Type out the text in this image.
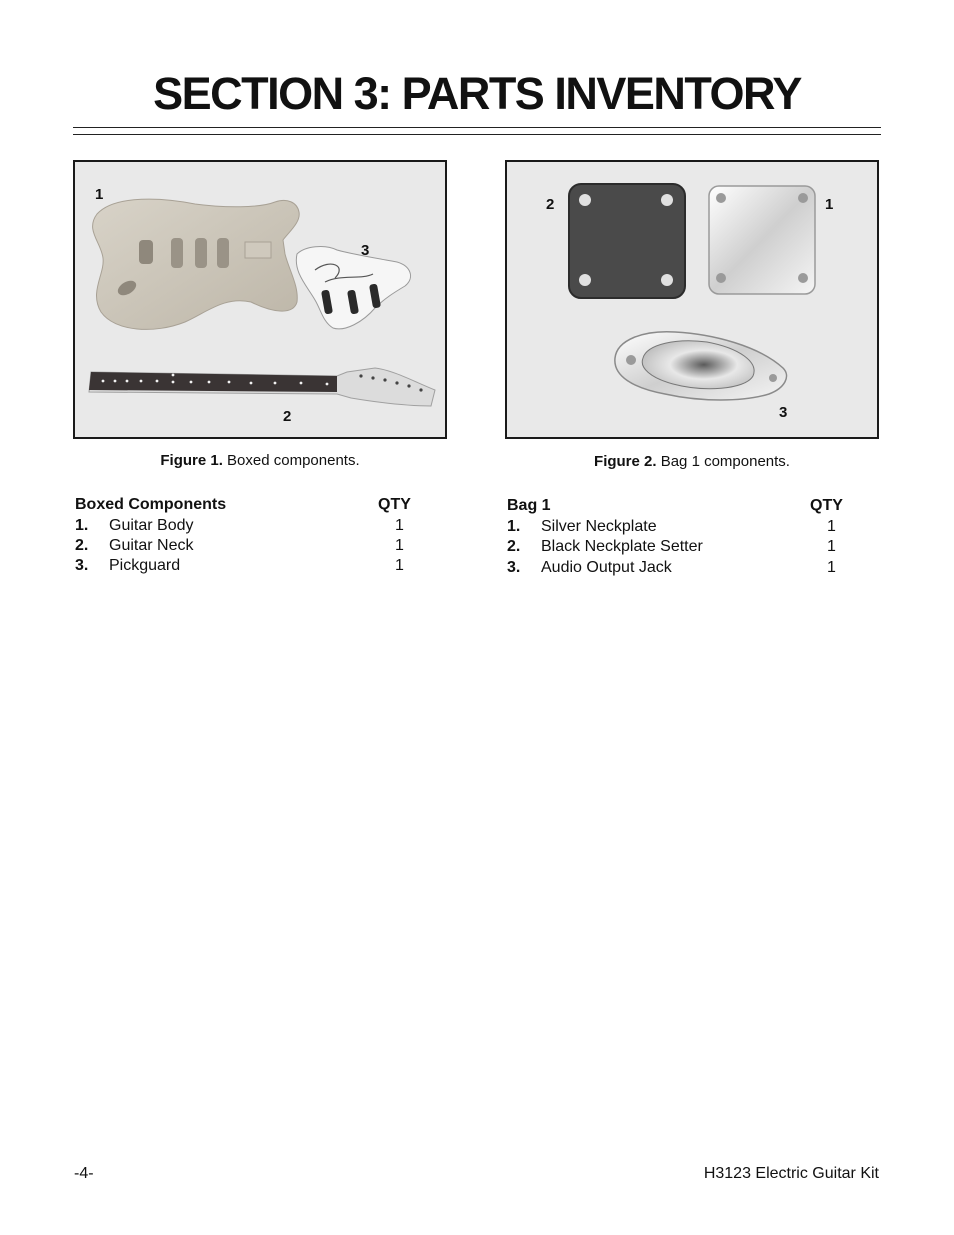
SECTION 3: PARTS INVENTORY
1
2
3
1
2
3
Figure 1. Boxed components.	Figure 2. Bag 1 components.
Boxed Components	QTY
1. Guitar Body	1
2. Guitar Neck	1
3. Pickguard	1
Bag 1	QTY
1. Silver Neckplate	1
2. Black Neckplate Setter	1
3. Audio Output Jack	1
-4-	H3123 Electric Guitar Kit
